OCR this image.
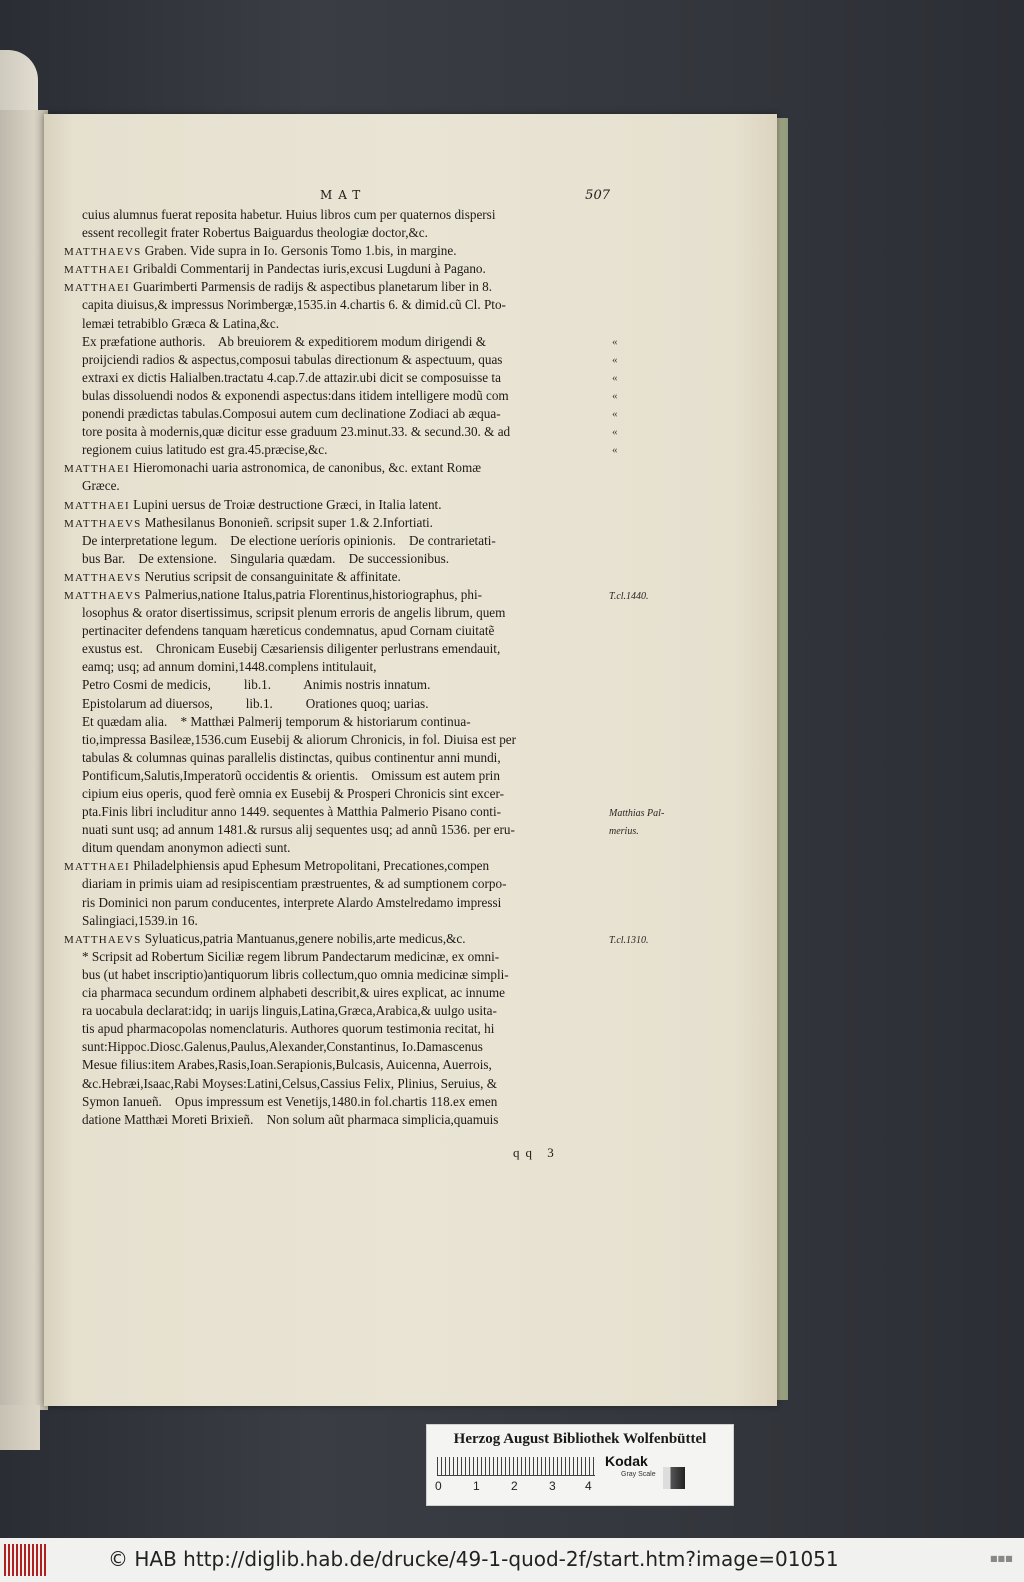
MAT	507
cuius alumnus fuerat reposita habetur. Huius libros cum per quaternos dispersi
essent recollegit frater Robertus Baiguardus theologiæ doctor,&c.
MATTHAEVS Graben. Vide supra in Io. Gersonis Tomo 1.bis, in margine.
MATTHAEI Gribaldi Commentarij in Pandectas iuris,excusi Lugduni à Pagano.
MATTHAEI Guarimberti Parmensis de radijs & aspectibus planetarum liber in 8.
capita diuisus,& impressus Norimbergæ,1535.in 4.chartis 6. & dimid.cũ Cl. Pto-
lemæi tetrabiblo Græca & Latina,&c.
Ex præfatione authoris.    Ab breuiorem & expeditiorem modum dirigendi &	«
proijciendi radios & aspectus,composui tabulas directionum & aspectuum, quas	«
extraxi ex dictis Halialben.tractatu 4.cap.7.de attazir.ubi dicit se composuisse ta	«
bulas dissoluendi nodos & exponendi aspectus:dans itidem intelligere modũ com	«
ponendi prædictas tabulas.Composui autem cum declinatione Zodiaci ab æqua-	«
tore posita à modernis,quæ dicitur esse graduum 23.minut.33. & secund.30. & ad	«
regionem cuius latitudo est gra.45.præcise,&c.	«
MATTHAEI Hieromonachi uaria astronomica, de canonibus, &c. extant Romæ
Græce.
MATTHAEI Lupini uersus de Troiæ destructione Græci, in Italia latent.
MATTHAEVS Mathesilanus Bononieñ. scripsit super 1.& 2.Infortiati.
De interpretatione legum.    De electione ueríoris opinionis.    De contrarietati-
bus Bar.    De extensione.    Singularia quædam.    De successionibus.
MATTHAEVS Nerutius scripsit de consanguinitate & affinitate.
MATTHAEVS Palmerius,natione Italus,patria Florentinus,historiographus, phi-	T.cl.1440.
losophus & orator disertissimus, scripsit plenum erroris de angelis librum, quem
pertinaciter defendens tanquam hæreticus condemnatus, apud Cornam ciuitatẽ
exustus est.    Chronicam Eusebij Cæsariensis diligenter perlustrans emendauit,
eamq; usq; ad annum domini,1448.complens intitulauit,
Petro Cosmi de medicis,          lib.1.          Animis nostris innatum.
Epistolarum ad diuersos,          lib.1.          Orationes quoq; uarias.
Et quædam alia.    * Matthæi Palmerij temporum & historiarum continua-
tio,impressa Basileæ,1536.cum Eusebij & aliorum Chronicis, in fol. Diuisa est per
tabulas & columnas quinas parallelis distinctas, quibus continentur anni mundi,
Pontificum,Salutis,Imperatorũ occidentis & orientis.    Omissum est autem prin
cipium eius operis, quod ferè omnia ex Eusebij & Prosperi Chronicis sint excer-
pta.Finis libri includitur anno 1449. sequentes à Matthia Palmerio Pisano conti-	Matthias Pal-
nuati sunt usq; ad annum 1481.& rursus alij sequentes usq; ad annũ 1536. per eru-	merius.
ditum quendam anonymon adiecti sunt.
MATTHAEI Philadelphiensis apud Ephesum Metropolitani, Precationes,compen
diariam in primis uiam ad resipiscentiam præstruentes, & ad sumptionem corpo-
ris Dominici non parum conducentes, interprete Alardo Amstelredamo impressi
Salingiaci,1539.in 16.
MATTHAEVS Syluaticus,patria Mantuanus,genere nobilis,arte medicus,&c.	T.cl.1310.
* Scripsit ad Robertum Siciliæ regem librum Pandectarum medicinæ, ex omni-
bus (ut habet inscriptio)antiquorum libris collectum,quo omnia medicinæ simpli-
cia pharmaca secundum ordinem alphabeti describit,& uires explicat, ac innume
ra uocabula declarat:idq; in uarijs linguis,Latina,Græca,Arabica,& uulgo usita-
tis apud pharmacopolas nomenclaturis. Authores quorum testimonia recitat, hi
sunt:Hippoc.Diosc.Galenus,Paulus,Alexander,Constantinus, Io.Damascenus
Mesue filius:item Arabes,Rasis,Ioan.Serapionis,Bulcasis, Auicenna, Auerrois,
&c.Hebræi,Isaac,Rabi Moyses:Latini,Celsus,Cassius Felix, Plinius, Seruius, &
Symon Ianueñ.    Opus impressum est Venetijs,1480.in fol.chartis 118.ex emen
datione Matthæi Moreti Brixieñ.    Non solum aũt pharmaca simplicia,quamuis
qq 3
Herzog August Bibliothek Wolfenbüttel
0	1	2	3 4
Kodak
Gray Scale
© HAB http://diglib.hab.de/drucke/49-1-quod-2f/start.htm?image=01051	■■■
